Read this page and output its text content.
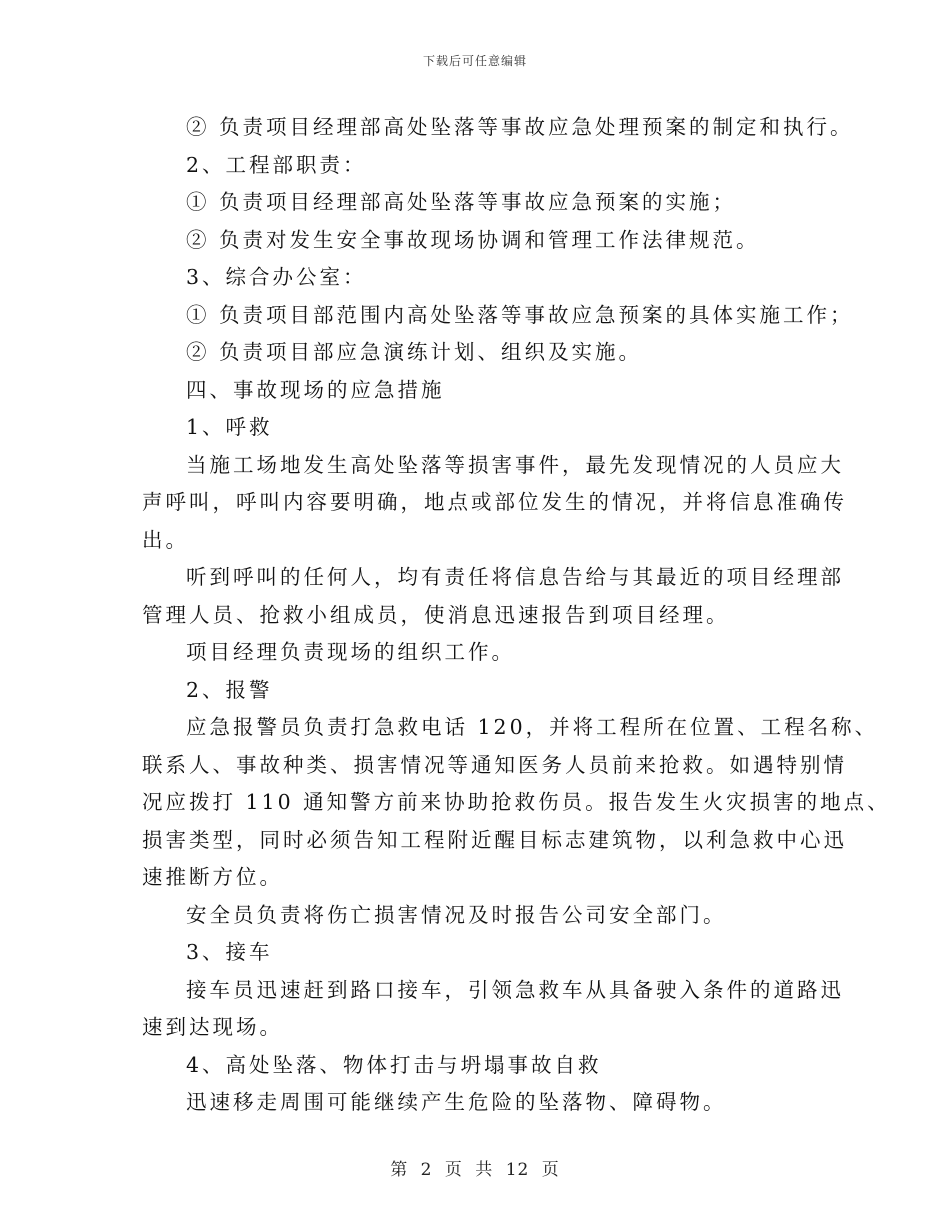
下载后可任意编辑

② 负责项目经理部高处坠落等事故应急处理预案的制定和执行。

2、工程部职责：

① 负责项目经理部高处坠落等事故应急预案的实施；

② 负责对发生安全事故现场协调和管理工作法律规范。

3、综合办公室：

① 负责项目部范围内高处坠落等事故应急预案的具体实施工作；

② 负责项目部应急演练计划、组织及实施。

四、事故现场的应急措施

1、呼救

当施工场地发生高处坠落等损害事件，最先发现情况的人员应大

声呼叫，呼叫内容要明确，地点或部位发生的情况，并将信息准确传

出。

听到呼叫的任何人，均有责任将信息告给与其最近的项目经理部

管理人员、抢救小组成员，使消息迅速报告到项目经理。

项目经理负责现场的组织工作。

2、报警

应急报警员负责打急救电话 120，并将工程所在位置、工程名称、

联系人、事故种类、损害情况等通知医务人员前来抢救。如遇特别情

况应拨打 110 通知警方前来协助抢救伤员。报告发生火灾损害的地点、

损害类型，同时必须告知工程附近醒目标志建筑物，以利急救中心迅

速推断方位。

安全员负责将伤亡损害情况及时报告公司安全部门。

3、接车

接车员迅速赶到路口接车，引领急救车从具备驶入条件的道路迅

速到达现场。

4、高处坠落、物体打击与坍塌事故自救

迅速移走周围可能继续产生危险的坠落物、障碍物。

第 2 页 共 12 页
